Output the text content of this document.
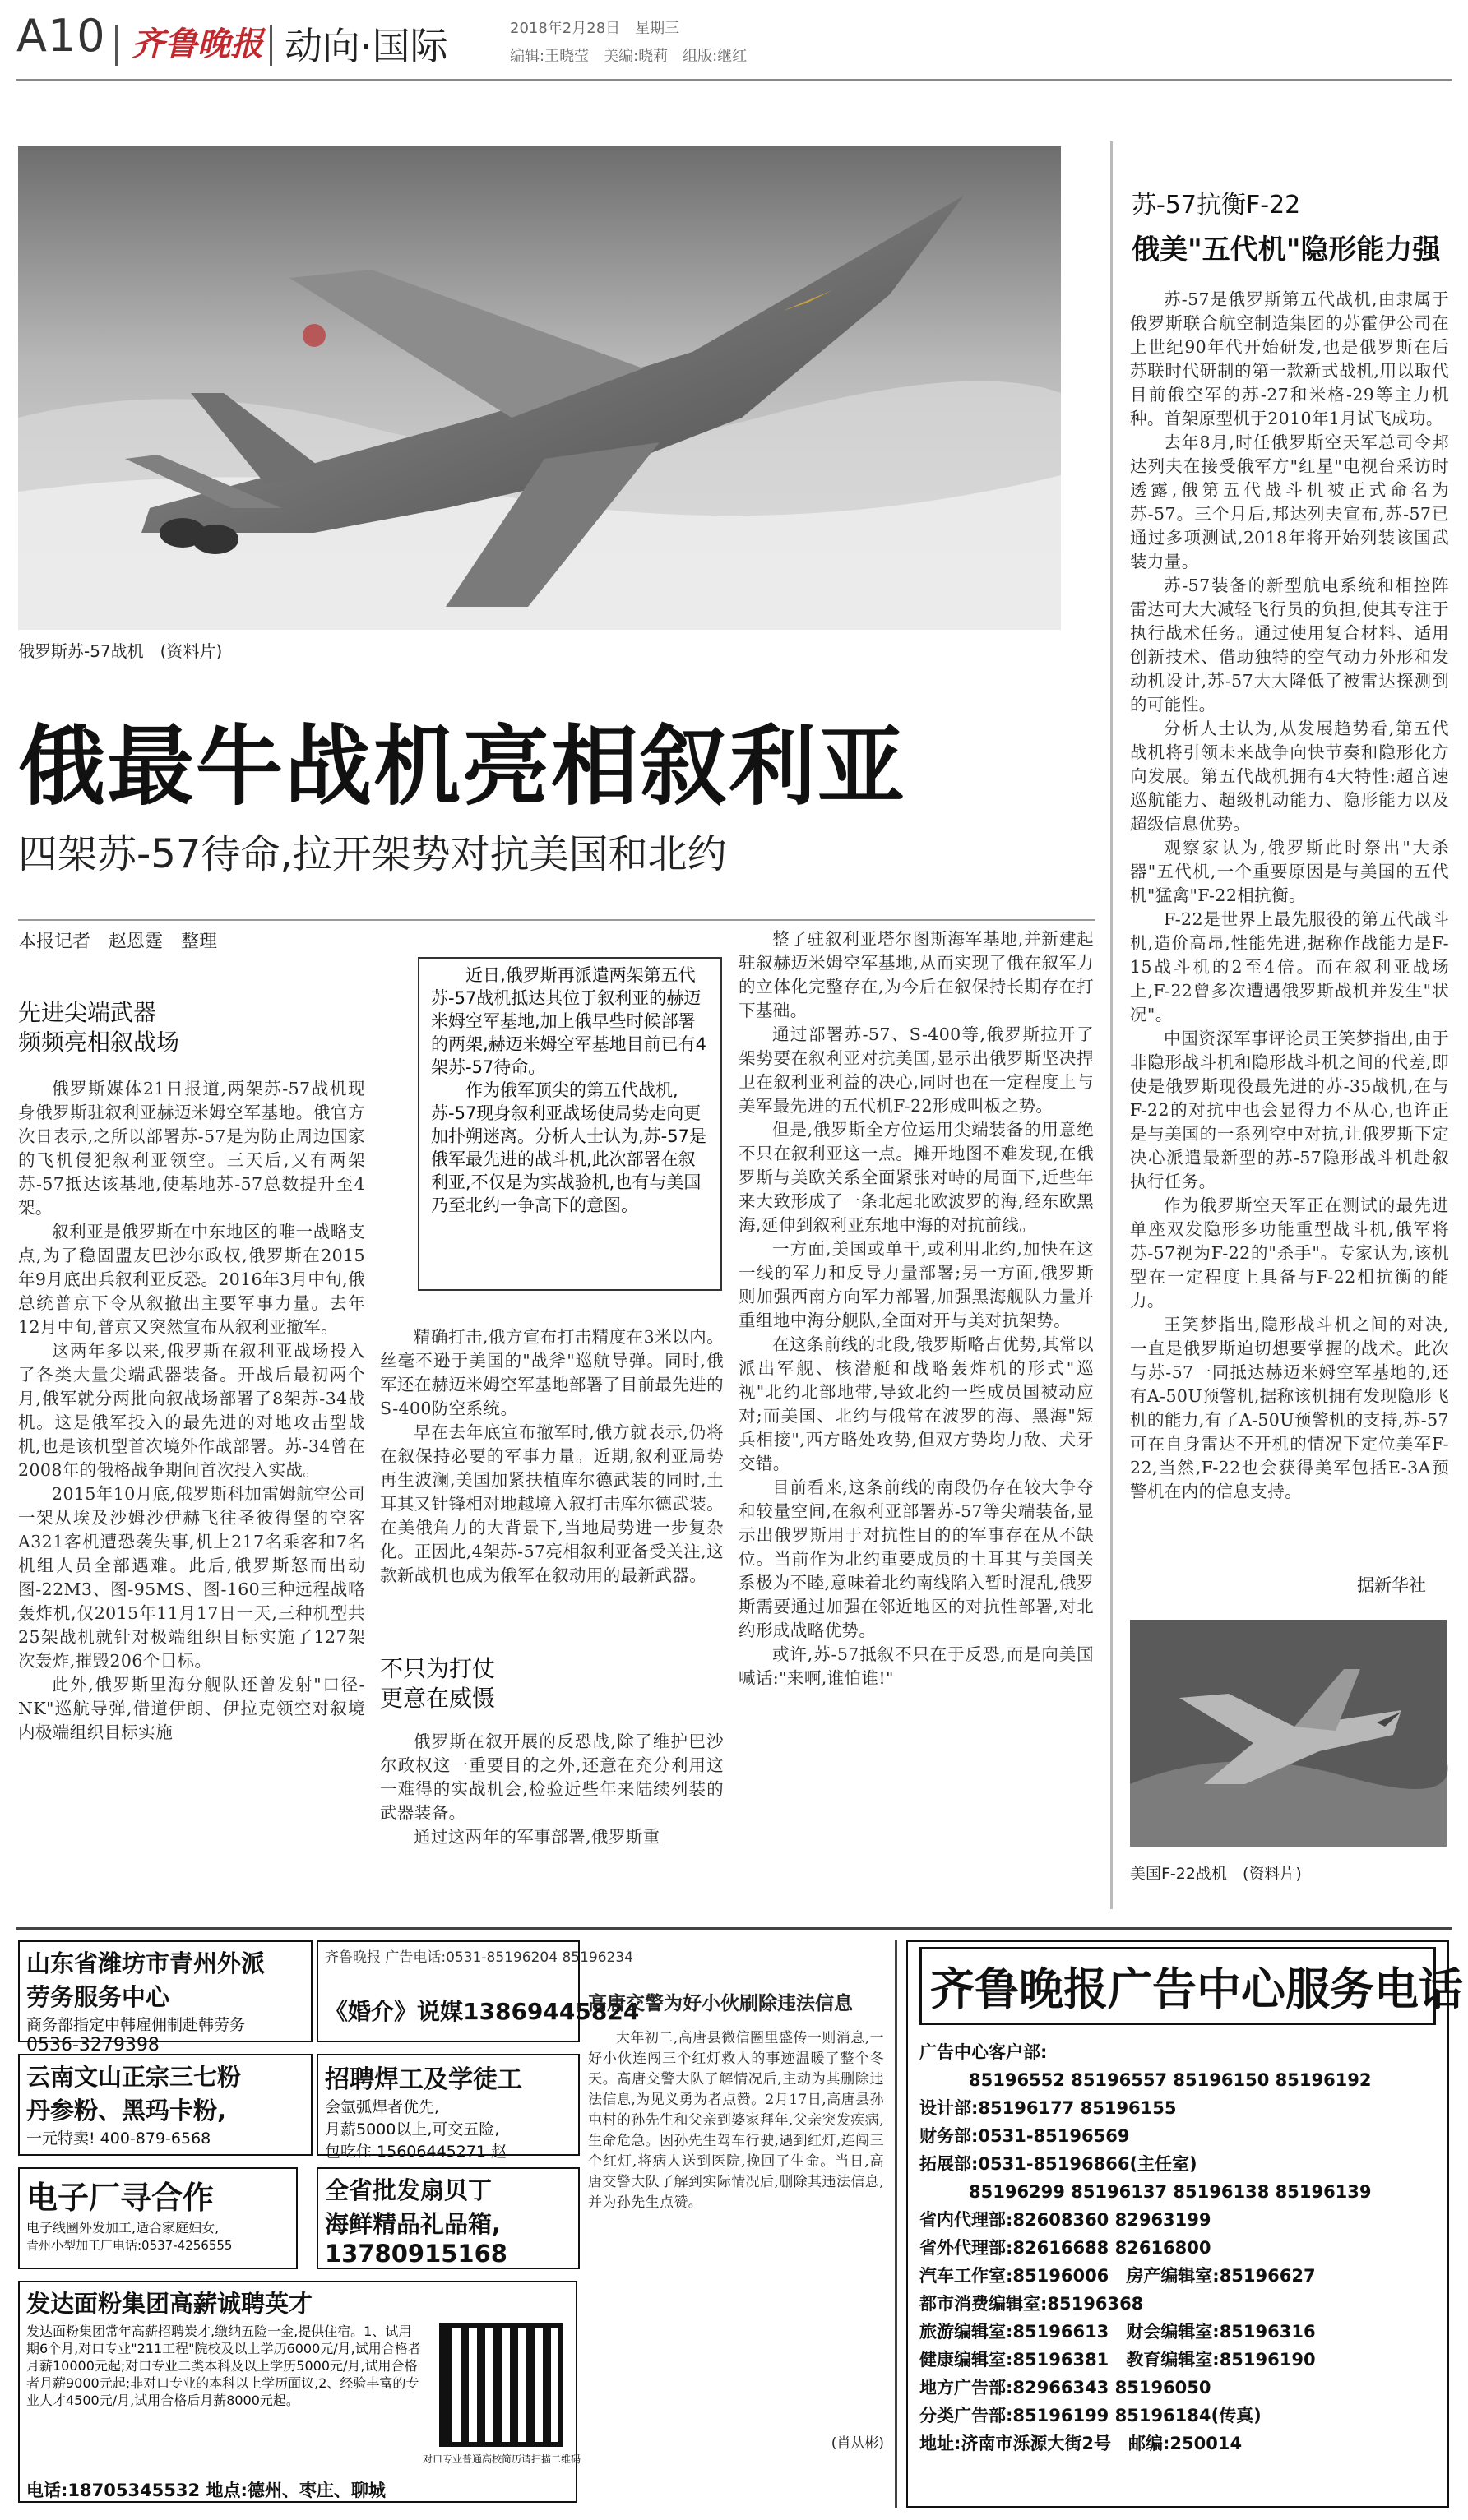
A10 齐鲁晚报 动向·国际	2018年2月28日　星期三
编辑:王晓莹　美编:晓莉　组版:继红
俄罗斯苏-57战机　(资料片)
俄最牛战机亮相叙利亚
四架苏-57待命,拉开架势对抗美国和北约
本报记者　赵恩霆　整理
先进尖端武器
频频亮相叙战场

俄罗斯媒体21日报道,两架苏-57战机现身俄罗斯驻叙利亚赫迈米姆空军基地。俄官方次日表示,之所以部署苏-57是为防止周边国家的飞机侵犯叙利亚领空。三天后,又有两架苏-57抵达该基地,使基地苏-57总数提升至4架。

叙利亚是俄罗斯在中东地区的唯一战略支点,为了稳固盟友巴沙尔政权,俄罗斯在2015年9月底出兵叙利亚反恐。2016年3月中旬,俄总统普京下令从叙撤出主要军事力量。去年12月中旬,普京又突然宣布从叙利亚撤军。

这两年多以来,俄罗斯在叙利亚战场投入了各类大量尖端武器装备。开战后最初两个月,俄军就分两批向叙战场部署了8架苏-34战机。这是俄军投入的最先进的对地攻击型战机,也是该机型首次境外作战部署。苏-34曾在2008年的俄格战争期间首次投入实战。

2015年10月底,俄罗斯科加雷姆航空公司一架从埃及沙姆沙伊赫飞往圣彼得堡的空客A321客机遭恐袭失事,机上217名乘客和7名机组人员全部遇难。此后,俄罗斯怒而出动图-22M3、图-95MS、图-160三种远程战略轰炸机,仅2015年11月17日一天,三种机型共25架战机就针对极端组织目标实施了127架次轰炸,摧毁206个目标。

此外,俄罗斯里海分舰队还曾发射"口径-NK"巡航导弹,借道伊朗、伊拉克领空对叙境内极端组织目标实施

近日,俄罗斯再派遣两架第五代苏-57战机抵达其位于叙利亚的赫迈米姆空军基地,加上俄早些时候部署的两架,赫迈米姆空军基地目前已有4架苏-57待命。

作为俄军顶尖的第五代战机,苏-57现身叙利亚战场使局势走向更加扑朔迷离。分析人士认为,苏-57是俄军最先进的战斗机,此次部署在叙利亚,不仅是为实战验机,也有与美国乃至北约一争高下的意图。

精确打击,俄方宣布打击精度在3米以内。丝毫不逊于美国的"战斧"巡航导弹。同时,俄军还在赫迈米姆空军基地部署了目前最先进的S-400防空系统。

早在去年底宣布撤军时,俄方就表示,仍将在叙保持必要的军事力量。近期,叙利亚局势再生波澜,美国加紧扶植库尔德武装的同时,土耳其又针锋相对地越境入叙打击库尔德武装。在美俄角力的大背景下,当地局势进一步复杂化。正因此,4架苏-57亮相叙利亚备受关注,这款新战机也成为俄军在叙动用的最新武器。

不只为打仗
更意在威慑

俄罗斯在叙开展的反恐战,除了维护巴沙尔政权这一重要目的之外,还意在充分利用这一难得的实战机会,检验近些年来陆续列装的武器装备。

通过这两年的军事部署,俄罗斯重

整了驻叙利亚塔尔图斯海军基地,并新建起驻叙赫迈米姆空军基地,从而实现了俄在叙军力的立体化完整存在,为今后在叙保持长期存在打下基础。

通过部署苏-57、S-400等,俄罗斯拉开了架势要在叙利亚对抗美国,显示出俄罗斯坚决捍卫在叙利亚利益的决心,同时也在一定程度上与美军最先进的五代机F-22形成叫板之势。

但是,俄罗斯全方位运用尖端装备的用意绝不只在叙利亚这一点。摊开地图不难发现,在俄罗斯与美欧关系全面紧张对峙的局面下,近些年来大致形成了一条北起北欧波罗的海,经东欧黑海,延伸到叙利亚东地中海的对抗前线。

一方面,美国或单干,或利用北约,加快在这一线的军力和反导力量部署;另一方面,俄罗斯则加强西南方向军力部署,加强黑海舰队力量并重组地中海分舰队,全面对开与美对抗架势。

在这条前线的北段,俄罗斯略占优势,其常以派出军舰、核潜艇和战略轰炸机的形式"巡视"北约北部地带,导致北约一些成员国被动应对;而美国、北约与俄常在波罗的海、黑海"短兵相接",西方略处攻势,但双方势均力敌、犬牙交错。

目前看来,这条前线的南段仍存在较大争夺和较量空间,在叙利亚部署苏-57等尖端装备,显示出俄罗斯用于对抗性目的的军事存在从不缺位。当前作为北约重要成员的土耳其与美国关系极为不睦,意味着北约南线陷入暂时混乱,俄罗斯需要通过加强在邻近地区的对抗性部署,对北约形成战略优势。

或许,苏-57抵叙不只在于反恐,而是向美国喊话:"来啊,谁怕谁!"

苏-57抗衡F-22
俄美"五代机"隐形能力强

苏-57是俄罗斯第五代战机,由隶属于俄罗斯联合航空制造集团的苏霍伊公司在上世纪90年代开始研发,也是俄罗斯在后苏联时代研制的第一款新式战机,用以取代目前俄空军的苏-27和米格-29等主力机种。首架原型机于2010年1月试飞成功。

去年8月,时任俄罗斯空天军总司令邦达列夫在接受俄军方"红星"电视台采访时透露,俄第五代战斗机被正式命名为苏-57。三个月后,邦达列夫宣布,苏-57已通过多项测试,2018年将开始列装该国武装力量。

苏-57装备的新型航电系统和相控阵雷达可大大减轻飞行员的负担,使其专注于执行战术任务。通过使用复合材料、适用创新技术、借助独特的空气动力外形和发动机设计,苏-57大大降低了被雷达探测到的可能性。

分析人士认为,从发展趋势看,第五代战机将引领未来战争向快节奏和隐形化方向发展。第五代战机拥有4大特性:超音速巡航能力、超级机动能力、隐形能力以及超级信息优势。

观察家认为,俄罗斯此时祭出"大杀器"五代机,一个重要原因是与美国的五代机"猛禽"F-22相抗衡。

F-22是世界上最先服役的第五代战斗机,造价高昂,性能先进,据称作战能力是F-15战斗机的2至4倍。而在叙利亚战场上,F-22曾多次遭遇俄罗斯战机并发生"状况"。

中国资深军事评论员王笑梦指出,由于非隐形战斗机和隐形战斗机之间的代差,即使是俄罗斯现役最先进的苏-35战机,在与F-22的对抗中也会显得力不从心,也许正是与美国的一系列空中对抗,让俄罗斯下定决心派遣最新型的苏-57隐形战斗机赴叙执行任务。

作为俄罗斯空天军正在测试的最先进单座双发隐形多功能重型战斗机,俄军将苏-57视为F-22的"杀手"。专家认为,该机型在一定程度上具备与F-22相抗衡的能力。

王笑梦指出,隐形战斗机之间的对决,一直是俄罗斯迫切想要掌握的战术。此次与苏-57一同抵达赫迈米姆空军基地的,还有A-50U预警机,据称该机拥有发现隐形飞机的能力,有了A-50U预警机的支持,苏-57可在自身雷达不开机的情况下定位美军F-22,当然,F-22也会获得美军包括E-3A预警机在内的信息支持。

据新华社
美国F-22战机　(资料片)
山东省潍坊市青州外派
劳务服务中心
商务部指定中韩雇佣制赴韩劳务
0536-3279398
云南文山正宗三七粉
丹参粉、黑玛卡粉,
一元特卖! 400-879-6568
电子厂寻合作
电子线圈外发加工,适合家庭妇女,
青州小型加工厂电话:0537-4256555
齐鲁晚报 广告电话:0531-85196204 85196234
《婚介》说媒13869445824
招聘焊工及学徒工
会氩弧焊者优先,
月薪5000以上,可交五险,
包吃住 15606445271 赵
全省批发扇贝丁
海鲜精品礼品箱,
13780915168
发达面粉集团高薪诚聘英才
发达面粉集团常年高薪招聘炭才,缴纳五险一金,提供住宿。1、试用期6个月,对口专业"211工程"院校及以上学历6000元/月,试用合格者月薪10000元起;对口专业二类本科及以上学历5000元/月,试用合格者月薪9000元起;非对口专业的本科以上学历面议,2、经验丰富的专业人才4500元/月,试用合格后月薪8000元起。
电话:18705345532 地点:德州、枣庄、聊城
对口专业普通高校简历请扫描二维码
高唐交警为好小伙刷除违法信息
大年初二,高唐县微信圈里盛传一则消息,一好小伙连闯三个红灯救人的事迹温暖了整个冬天。高唐交警大队了解情况后,主动为其删除违法信息,为见义勇为者点赞。2月17日,高唐县孙屯村的孙先生和父亲到婆家拜年,父亲突发疾病,生命危急。因孙先生驾车行驶,遇到红灯,连闯三个红灯,将病人送到医院,挽回了生命。当日,高唐交警大队了解到实际情况后,删除其违法信息,并为孙先生点赞。
(肖从彬)
齐鲁晚报广告中心服务电话
广告中心客户部:
85196552 85196557 85196150 85196192
设计部:85196177 85196155
财务部:0531-85196569
拓展部:0531-85196866(主任室)
85196299 85196137 85196138 85196139
省内代理部:82608360 82963199
省外代理部:82616688 82616800
汽车工作室:85196006　房产编辑室:85196627
都市消费编辑室:85196368
旅游编辑室:85196613　财会编辑室:85196316
健康编辑室:85196381　教育编辑室:85196190
地方广告部:82966343 85196050
分类广告部:85196199 85196184(传真)
地址:济南市泺源大街2号　邮编:250014
